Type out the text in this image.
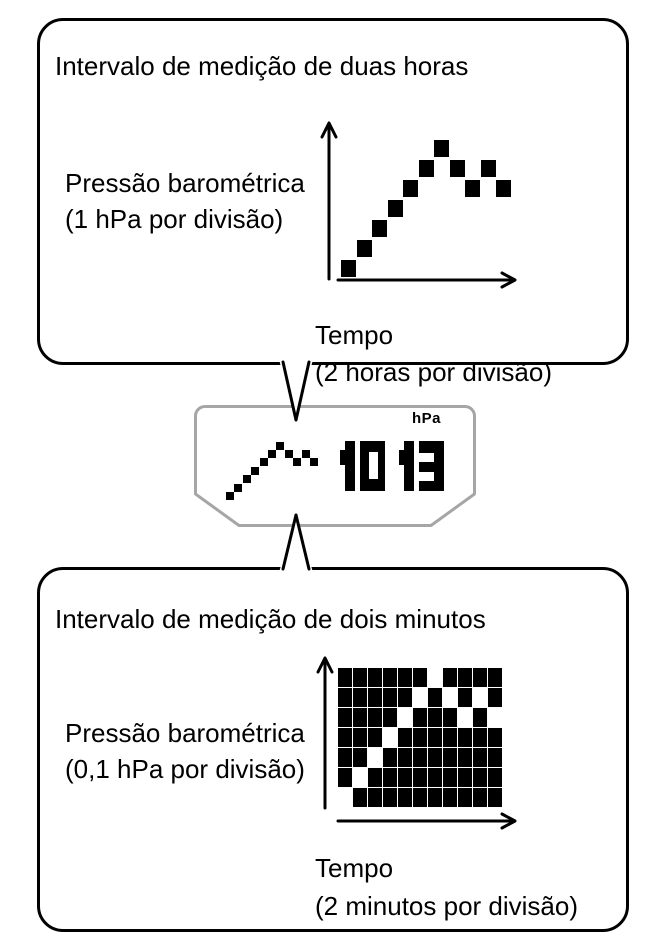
Intervalo de medição de duas horas
Pressão barométrica
(1 hPa por divisão)
Tempo
(2 horas por divisão)
hPa
Intervalo de medição de dois minutos
Pressão barométrica
(0,1 hPa por divisão)
Tempo
(2 minutos por divisão)
